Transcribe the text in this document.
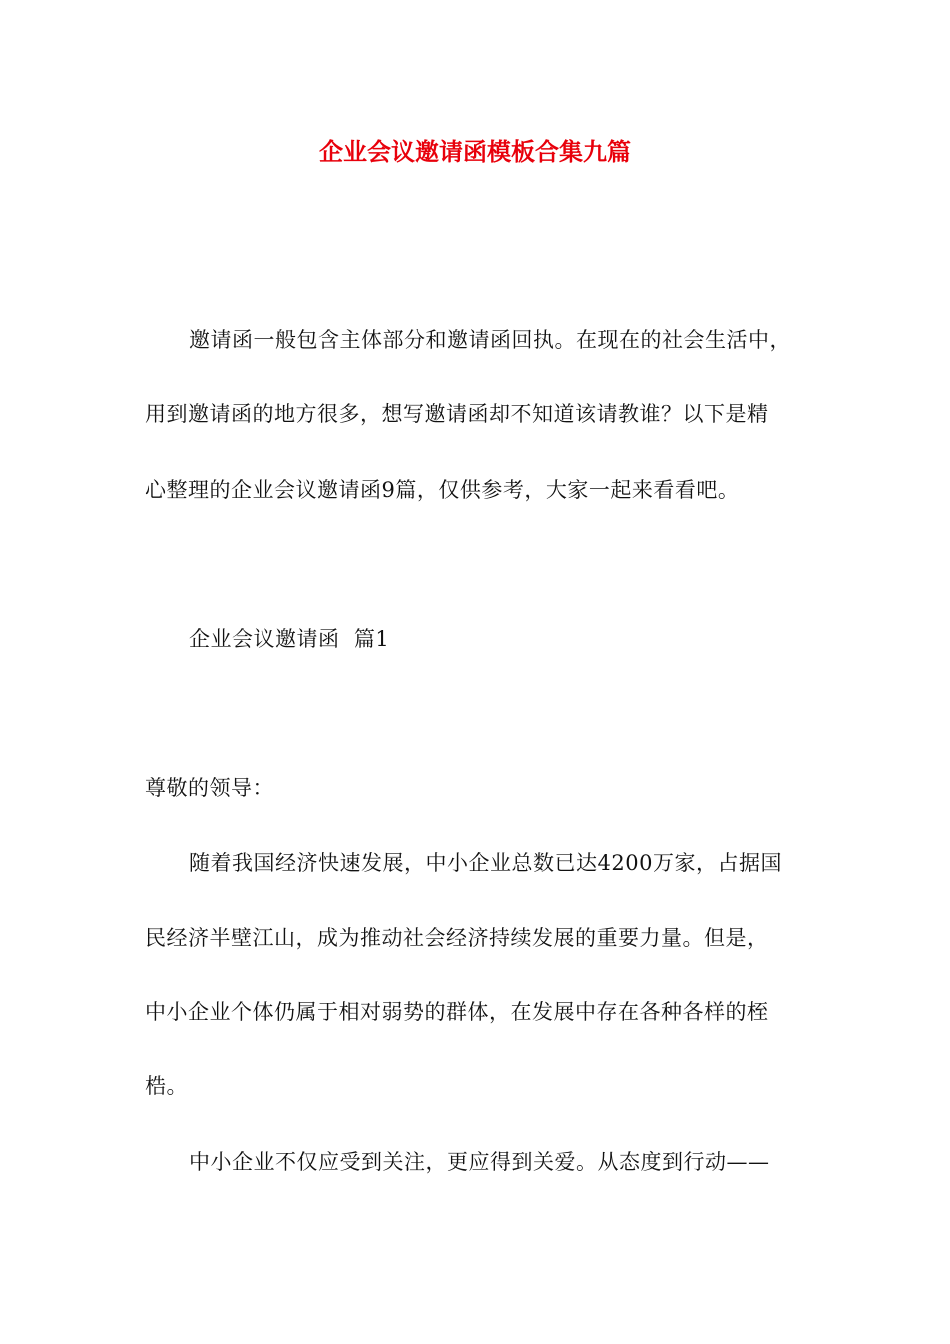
企业会议邀请函模板合集九篇
邀请函一般包含主体部分和邀请函回执。在现在的社会生活中，
用到邀请函的地方很多，想写邀请函却不知道该请教谁？以下是精
心整理的企业会议邀请函9篇，仅供参考，大家一起来看看吧。
企业会议邀请函  篇1
尊敬的领导：
随着我国经济快速发展，中小企业总数已达4200万家，占据国
民经济半壁江山，成为推动社会经济持续发展的重要力量。但是，
中小企业个体仍属于相对弱势的群体，在发展中存在各种各样的桎
梏。
中小企业不仅应受到关注，更应得到关爱。从态度到行动——
